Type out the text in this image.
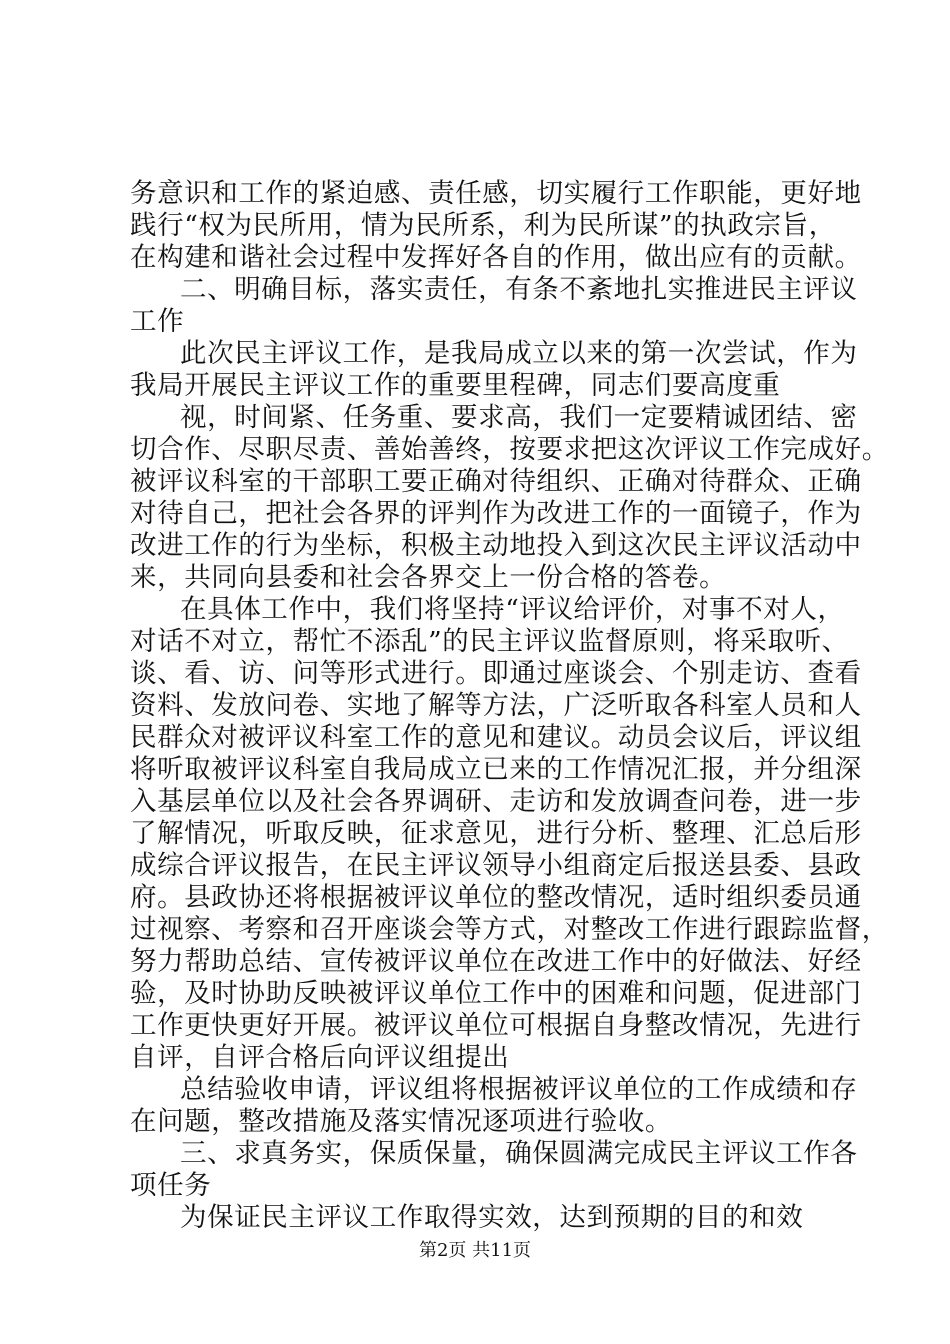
务意识和工作的紧迫感、责任感，切实履行工作职能，更好地
践行“权为民所用，情为民所系，利为民所谋”的执政宗旨，
在构建和谐社会过程中发挥好各自的作用，做出应有的贡献。
二、明确目标，落实责任，有条不紊地扎实推进民主评议
工作
此次民主评议工作，是我局成立以来的第一次尝试，作为
我局开展民主评议工作的重要里程碑，同志们要高度重
视，时间紧、任务重、要求高，我们一定要精诚团结、密
切合作、尽职尽责、善始善终，按要求把这次评议工作完成好。
被评议科室的干部职工要正确对待组织、正确对待群众、正确
对待自己，把社会各界的评判作为改进工作的一面镜子，作为
改进工作的行为坐标，积极主动地投入到这次民主评议活动中
来，共同向县委和社会各界交上一份合格的答卷。
在具体工作中，我们将坚持“评议给评价，对事不对人，
对话不对立，帮忙不添乱”的民主评议监督原则，将采取听、
谈、看、访、问等形式进行。即通过座谈会、个别走访、查看
资料、发放问卷、实地了解等方法，广泛听取各科室人员和人
民群众对被评议科室工作的意见和建议。动员会议后，评议组
将听取被评议科室自我局成立已来的工作情况汇报，并分组深
入基层单位以及社会各界调研、走访和发放调查问卷，进一步
了解情况，听取反映，征求意见，进行分析、整理、汇总后形
成综合评议报告，在民主评议领导小组商定后报送县委、县政
府。县政协还将根据被评议单位的整改情况，适时组织委员通
过视察、考察和召开座谈会等方式，对整改工作进行跟踪监督，
努力帮助总结、宣传被评议单位在改进工作中的好做法、好经
验，及时协助反映被评议单位工作中的困难和问题，促进部门
工作更快更好开展。被评议单位可根据自身整改情况，先进行
自评，自评合格后向评议组提出
总结验收申请，评议组将根据被评议单位的工作成绩和存
在问题，整改措施及落实情况逐项进行验收。
三、求真务实，保质保量，确保圆满完成民主评议工作各
项任务
为保证民主评议工作取得实效，达到预期的目的和效
第2页 共11页
